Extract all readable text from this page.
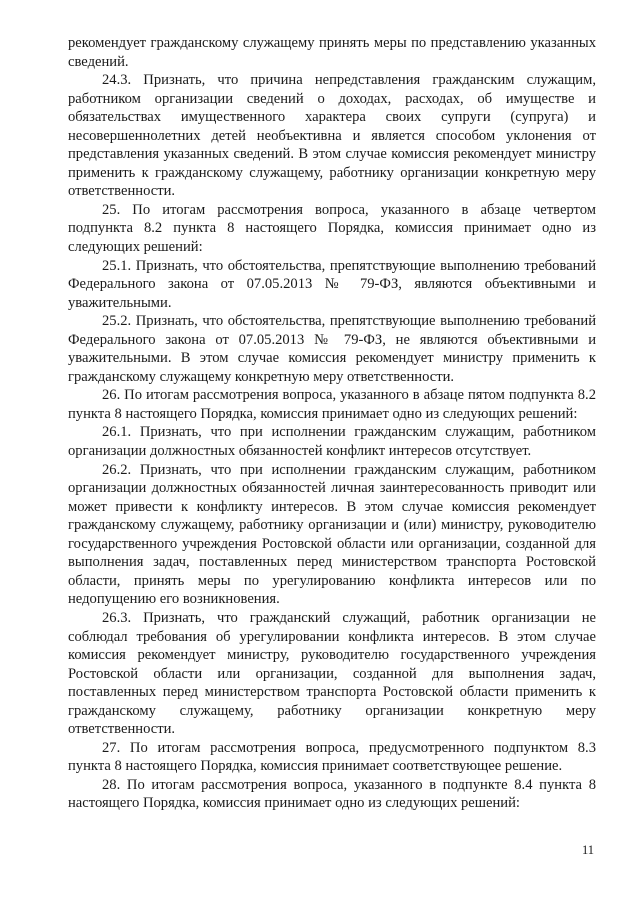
рекомендует гражданскому служащему принять меры по представлению указанных сведений.

24.3. Признать, что причина непредставления гражданским служащим, работником организации сведений о доходах, расходах, об имуществе и обязательствах имущественного характера своих супруги (супруга) и несовершеннолетних детей необъективна и является способом уклонения от представления указанных сведений. В этом случае комиссия рекомендует министру применить к гражданскому служащему, работнику организации конкретную меру ответственности.

25. По итогам рассмотрения вопроса, указанного в абзаце четвертом подпункта 8.2 пункта 8 настоящего Порядка, комиссия принимает одно из следующих решений:

25.1. Признать, что обстоятельства, препятствующие выполнению требований Федерального закона от 07.05.2013 № 79-ФЗ, являются объективными и уважительными.

25.2. Признать, что обстоятельства, препятствующие выполнению требований Федерального закона от 07.05.2013 № 79-ФЗ, не являются объективными и уважительными. В этом случае комиссия рекомендует министру применить к гражданскому служащему конкретную меру ответственности.

26. По итогам рассмотрения вопроса, указанного в абзаце пятом подпункта 8.2 пункта 8 настоящего Порядка, комиссия принимает одно из следующих решений:

26.1. Признать, что при исполнении гражданским служащим, работником организации должностных обязанностей конфликт интересов отсутствует.

26.2. Признать, что при исполнении гражданским служащим, работником организации должностных обязанностей личная заинтересованность приводит или может привести к конфликту интересов. В этом случае комиссия рекомендует гражданскому служащему, работнику организации и (или) министру, руководителю государственного учреждения Ростовской области или организации, созданной для выполнения задач, поставленных перед министерством транспорта Ростовской области, принять меры по урегулированию конфликта интересов или по недопущению его возникновения.

26.3. Признать, что гражданский служащий, работник организации не соблюдал требования об урегулировании конфликта интересов. В этом случае комиссия рекомендует министру, руководителю государственного учреждения Ростовской области или организации, созданной для выполнения задач, поставленных перед министерством транспорта Ростовской области применить к гражданскому служащему, работнику организации конкретную меру ответственности.

27. По итогам рассмотрения вопроса, предусмотренного подпунктом 8.3 пункта 8 настоящего Порядка, комиссия принимает соответствующее решение.

28. По итогам рассмотрения вопроса, указанного в подпункте 8.4 пункта 8 настоящего Порядка, комиссия принимает одно из следующих решений:

11
